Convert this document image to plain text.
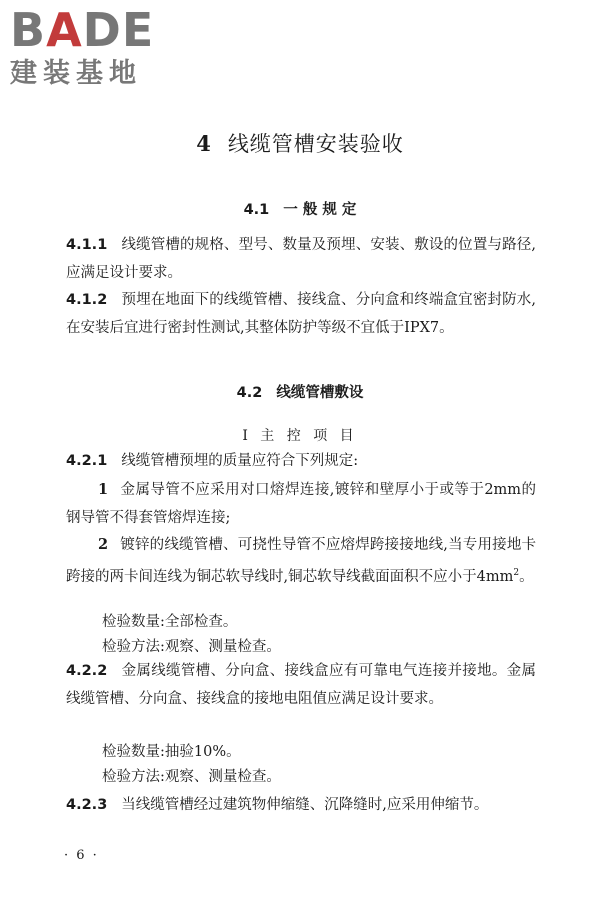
BADE
建装基地
4 线缆管槽安装验收
4.1 一 般 规 定
4.1.1 线缆管槽的规格、型号、数量及预埋、安装、敷设的位置与路径,应满足设计要求。
4.1.2 预埋在地面下的线缆管槽、接线盒、分向盒和终端盒宜密封防水,在安装后宜进行密封性测试,其整体防护等级不宜低于IPX7。
4.2 线缆管槽敷设
Ⅰ 主 控 项 目
4.2.1 线缆管槽预埋的质量应符合下列规定:
1 金属导管不应采用对口熔焊连接,镀锌和壁厚小于或等于2mm的钢导管不得套管熔焊连接;
2 镀锌的线缆管槽、可挠性导管不应熔焊跨接接地线,当专用接地卡跨接的两卡间连线为铜芯软导线时,铜芯软导线截面面积不应小于$4mm^2$。
检验数量:全部检查。
检验方法:观察、测量检查。
4.2.2 金属线缆管槽、分向盒、接线盒应有可靠电气连接并接地。金属线缆管槽、分向盒、接线盒的接地电阻值应满足设计要求。
检验数量:抽验10%。
检验方法:观察、测量检查。
4.2.3 当线缆管槽经过建筑物伸缩缝、沉降缝时,应采用伸缩节。
· 6 ·
